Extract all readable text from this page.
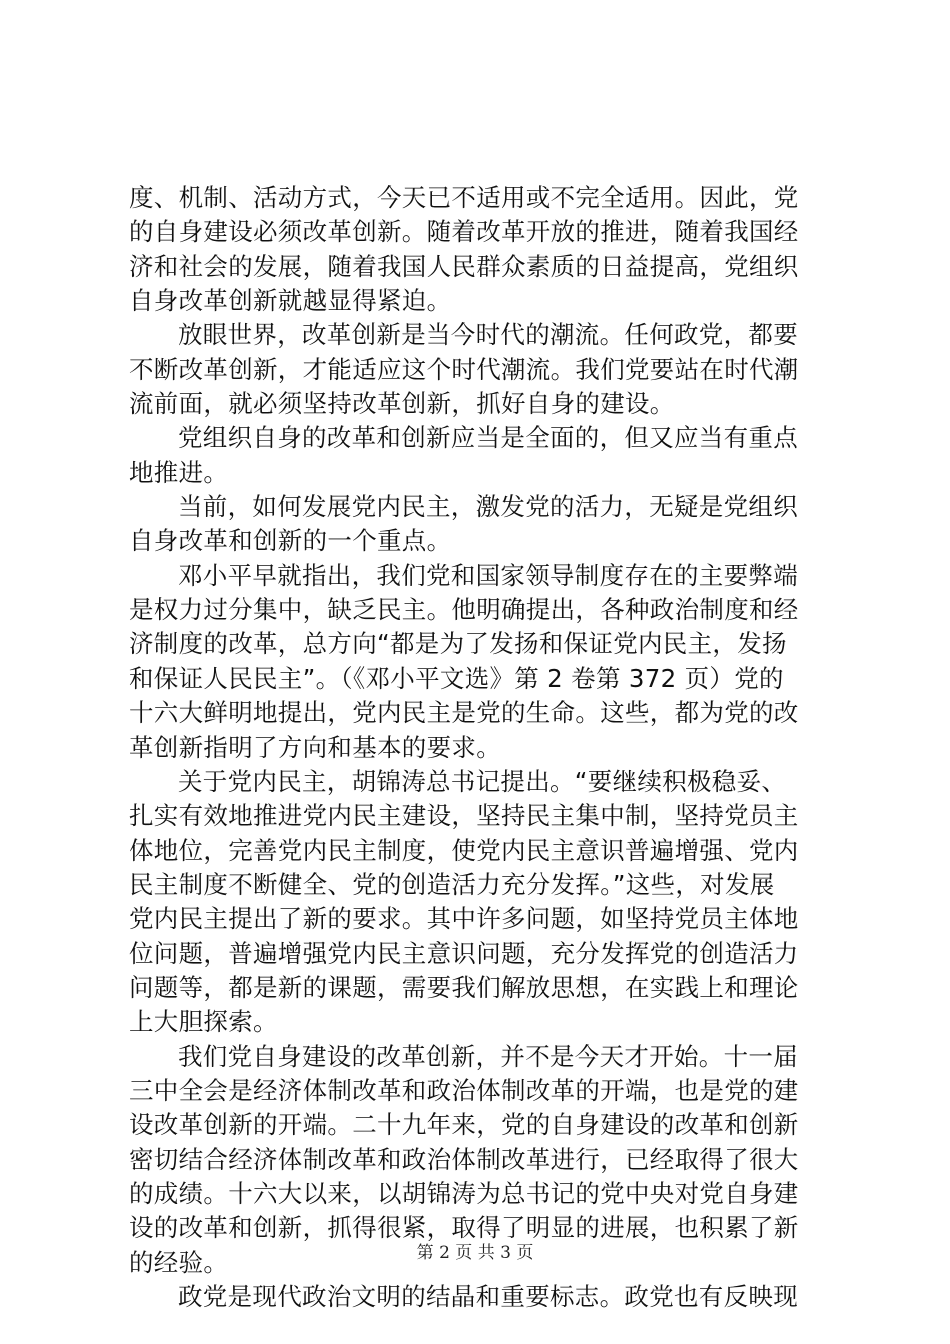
度、机制、活动方式，今天已不适用或不完全适用。因此，党
的自身建设必须改革创新。随着改革开放的推进，随着我国经
济和社会的发展，随着我国人民群众素质的日益提高，党组织
自身改革创新就越显得紧迫。
放眼世界，改革创新是当今时代的潮流。任何政党，都要
不断改革创新，才能适应这个时代潮流。我们党要站在时代潮
流前面，就必须坚持改革创新，抓好自身的建设。
党组织自身的改革和创新应当是全面的，但又应当有重点
地推进。
当前，如何发展党内民主，激发党的活力，无疑是党组织
自身改革和创新的一个重点。
邓小平早就指出，我们党和国家领导制度存在的主要弊端
是权力过分集中，缺乏民主。他明确提出，各种政治制度和经
济制度的改革，总方向“都是为了发扬和保证党内民主，发扬
和保证人民民主”。（《邓小平文选》第 2 卷第 372 页）党的
十六大鲜明地提出，党内民主是党的生命。这些，都为党的改
革创新指明了方向和基本的要求。
关于党内民主，胡锦涛总书记提出。“要继续积极稳妥、
扎实有效地推进党内民主建设，坚持民主集中制，坚持党员主
体地位，完善党内民主制度，使党内民主意识普遍增强、党内
民主制度不断健全、党的创造活力充分发挥。”这些，对发展
党内民主提出了新的要求。其中许多问题，如坚持党员主体地
位问题，普遍增强党内民主意识问题，充分发挥党的创造活力
问题等，都是新的课题，需要我们解放思想，在实践上和理论
上大胆探索。
我们党自身建设的改革创新，并不是今天才开始。十一届
三中全会是经济体制改革和政治体制改革的开端，也是党的建
设改革创新的开端。二十九年来，党的自身建设的改革和创新
密切结合经济体制改革和政治体制改革进行，已经取得了很大
的成绩。十六大以来，以胡锦涛为总书记的党中央对党自身建
设的改革和创新，抓得很紧，取得了明显的进展，也积累了新
的经验。
政党是现代政治文明的结晶和重要标志。政党也有反映现
第 2 页 共 3 页
